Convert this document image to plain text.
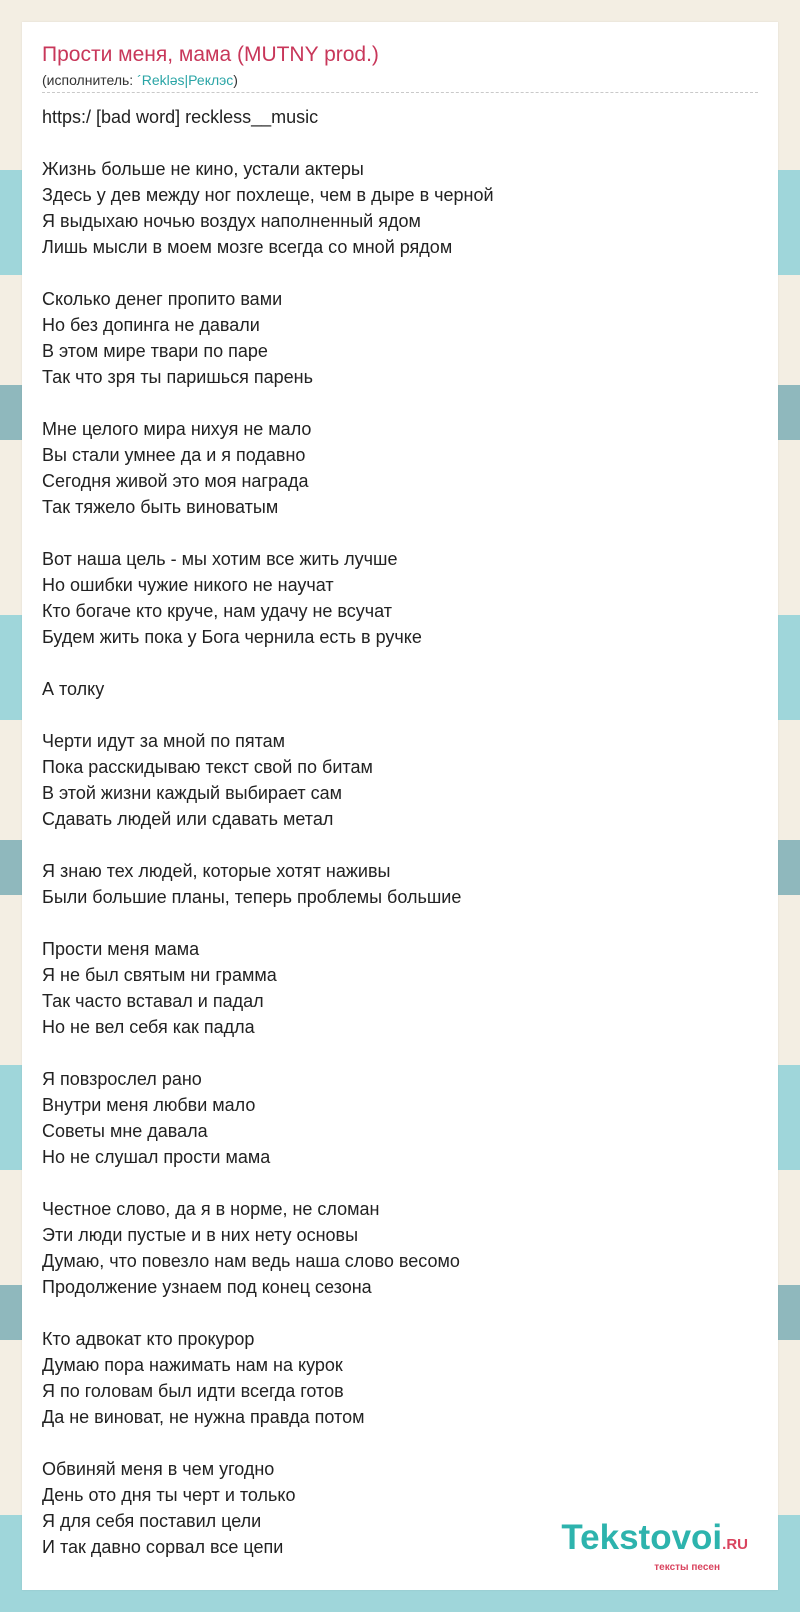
Прости меня, мама (MUTNY prod.)
(исполнитель: ´Rekləs|Реклэс)
https:/ [bad word] reckless__music
Жизнь больше не кино, устали актеры
Здесь у дев между ног похлеще, чем в дыре в черной
Я выдыхаю ночью воздух наполненный ядом
Лишь мысли в моем мозге всегда со мной рядом
Сколько денег пропито вами
Но без допинга не давали
В этом мире твари по паре
Так что зря ты паришься парень
Мне целого мира нихуя не мало
Вы стали умнее да и я подавно
Сегодня живой это моя награда
Так тяжело быть виноватым
Вот наша цель - мы хотим все жить лучше
Но ошибки чужие никого не научат
Кто богаче кто круче, нам удачу не всучат
Будем жить пока у Бога чернила есть в ручке
А толку
Черти идут за мной по пятам
Пока расскидываю текст свой по битам
В этой жизни каждый выбирает сам
Сдавать людей или сдавать метал
Я знаю тех людей, которые хотят наживы
Были большие планы, теперь проблемы большие
Прости меня мама
Я не был святым ни грамма
Так часто вставал и падал
Но не вел себя как падла
Я повзрослел рано
Внутри меня любви мало
Советы мне давала
Но не слушал прости мама
Честное слово, да я в норме, не сломан
Эти люди пустые и в них нету основы
Думаю, что повезло нам ведь наша слово весомо
Продолжение узнаем под конец сезона
Кто адвокат кто прокурор
Думаю пора нажимать нам на курок
Я по головам был идти всегда готов
Да не виноват, не нужна правда потом
Обвиняй меня в чем угодно
День ото дня ты черт и только
Я для себя поставил цели
И так давно сорвал все цепи	Tekstovoi.RU
тексты песен
